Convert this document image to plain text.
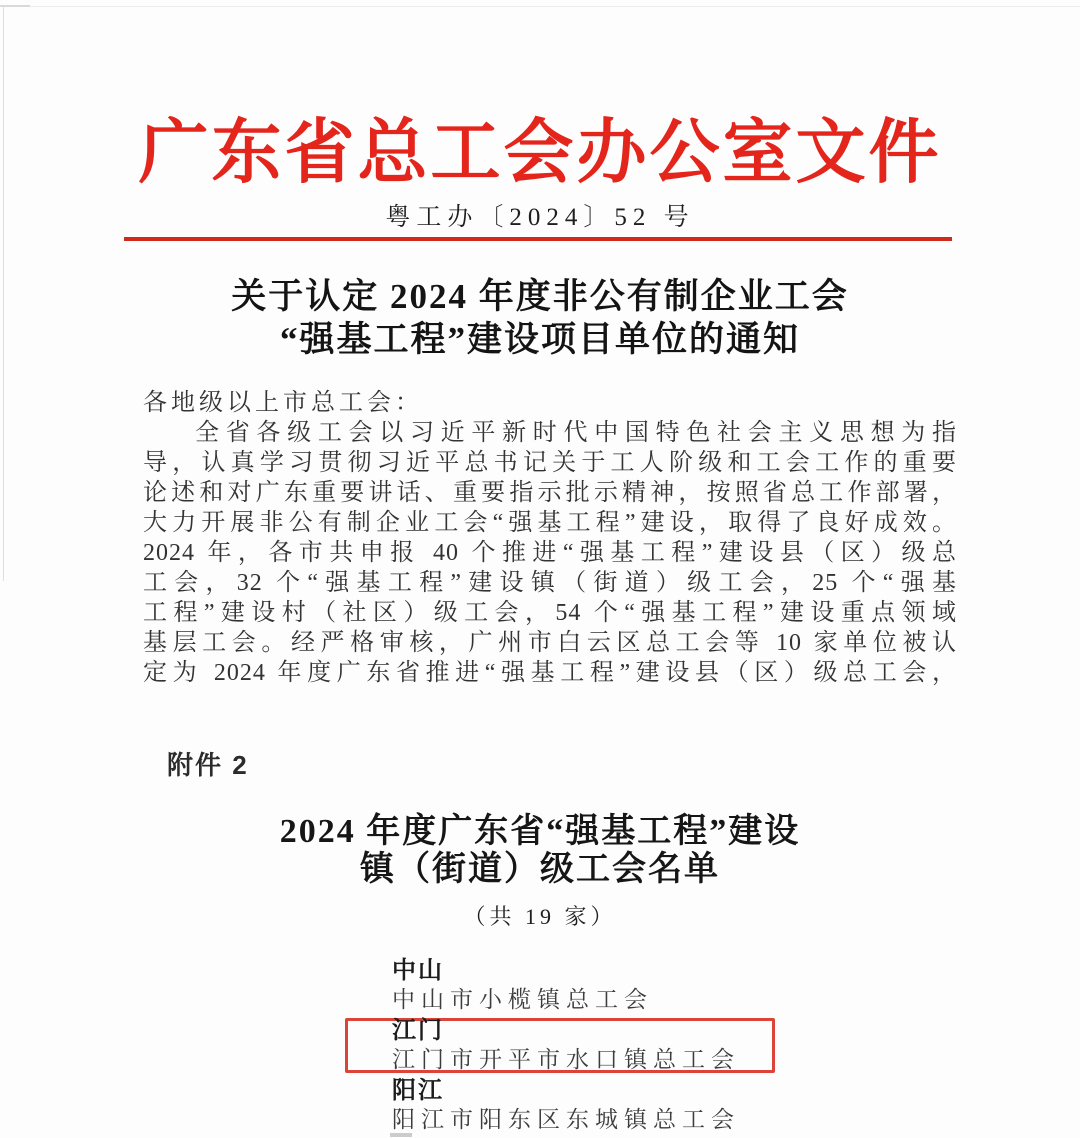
广东省总工会办公室文件
粤工办〔2024〕52 号
关于认定 2024 年度非公有制企业工会
“强基工程”建设项目单位的通知
各地级以上市总工会：
全省各级工会以习近平新时代中国特色社会主义思想为指
导，认真学习贯彻习近平总书记关于工人阶级和工会工作的重要
论述和对广东重要讲话、重要指示批示精神，按照省总工作部署，
大力开展非公有制企业工会“强基工程”建设，取得了良好成效。
2024 年，各市共申报 40 个推进“强基工程”建设县（区）级总
工会，32 个“强基工程”建设镇（街道）级工会，25 个“强基
工程”建设村（社区）级工会，54 个“强基工程”建设重点领域
基层工会。经严格审核，广州市白云区总工会等 10 家单位被认
定为 2024 年度广东省推进“强基工程”建设县（区）级总工会，
附件 2
2024 年度广东省“强基工程”建设
镇（街道）级工会名单
（共 19 家）
中山
中山市小榄镇总工会
江门
江门市开平市水口镇总工会
阳江
阳江市阳东区东城镇总工会
